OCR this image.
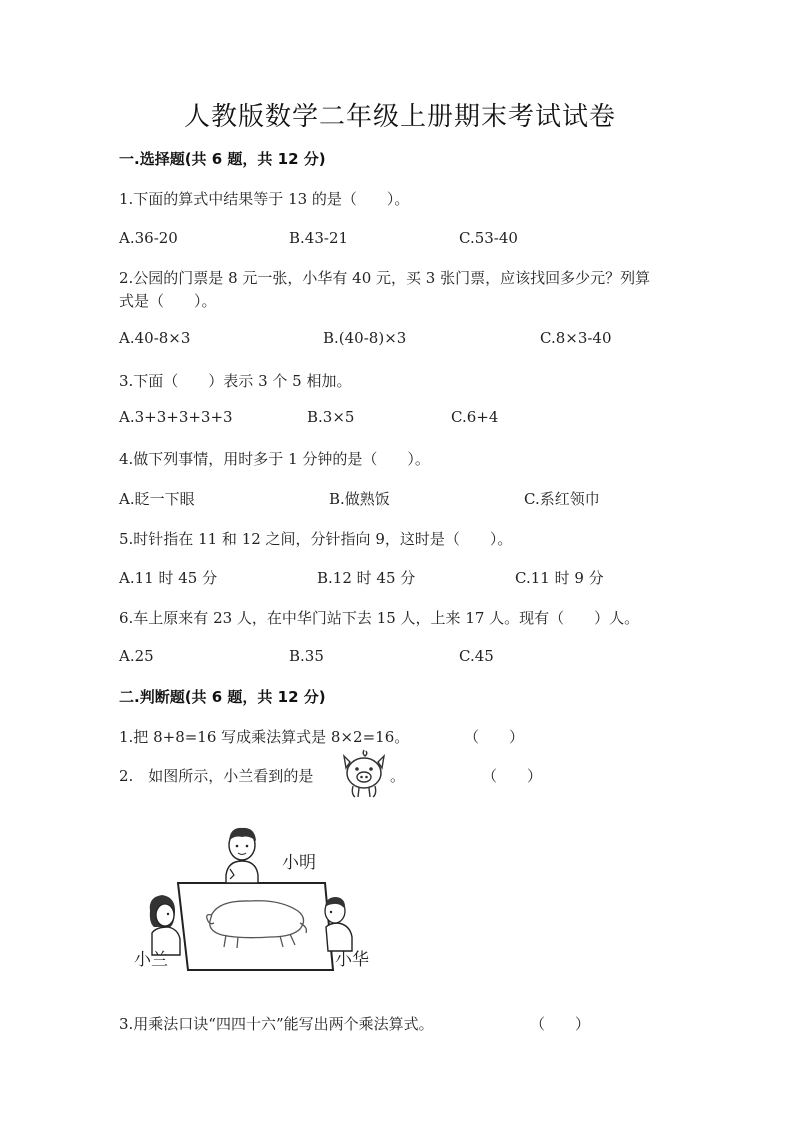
人教版数学二年级上册期末考试试卷
一.选择题(共 6 题，共 12 分)
1.下面的算式中结果等于 13 的是（　　）。
A.36-20	B.43-21	C.53-40
2.公园的门票是 8 元一张，小华有 40 元，买 3 张门票，应该找回多少元？列算
式是（　　）。
A.40-8×3	B.(40-8)×3	C.8×3-40
3.下面（　　）表示 3 个 5 相加。
A.3+3+3+3+3	B.3×5	C.6+4
4.做下列事情，用时多于 1 分钟的是（　　）。
A.眨一下眼	B.做熟饭	C.系红领巾
5.时针指在 11 和 12 之间，分针指向 9，这时是（　　）。
A.11 时 45 分	B.12 时 45 分	C.11 时 9 分
6.车上原来有 23 人，在中华门站下去 15 人，上来 17 人。现有（　　）人。
A.25	B.35	C.45
二.判断题(共 6 题，共 12 分)
1.把 8+8=16 写成乘法算式是 8×2=16。	（　　）
2.　如图所示，小兰看到的是	。	（　　）
小明
小兰	小华
3.用乘法口诀“四四十六”能写出两个乘法算式。	（　　）
